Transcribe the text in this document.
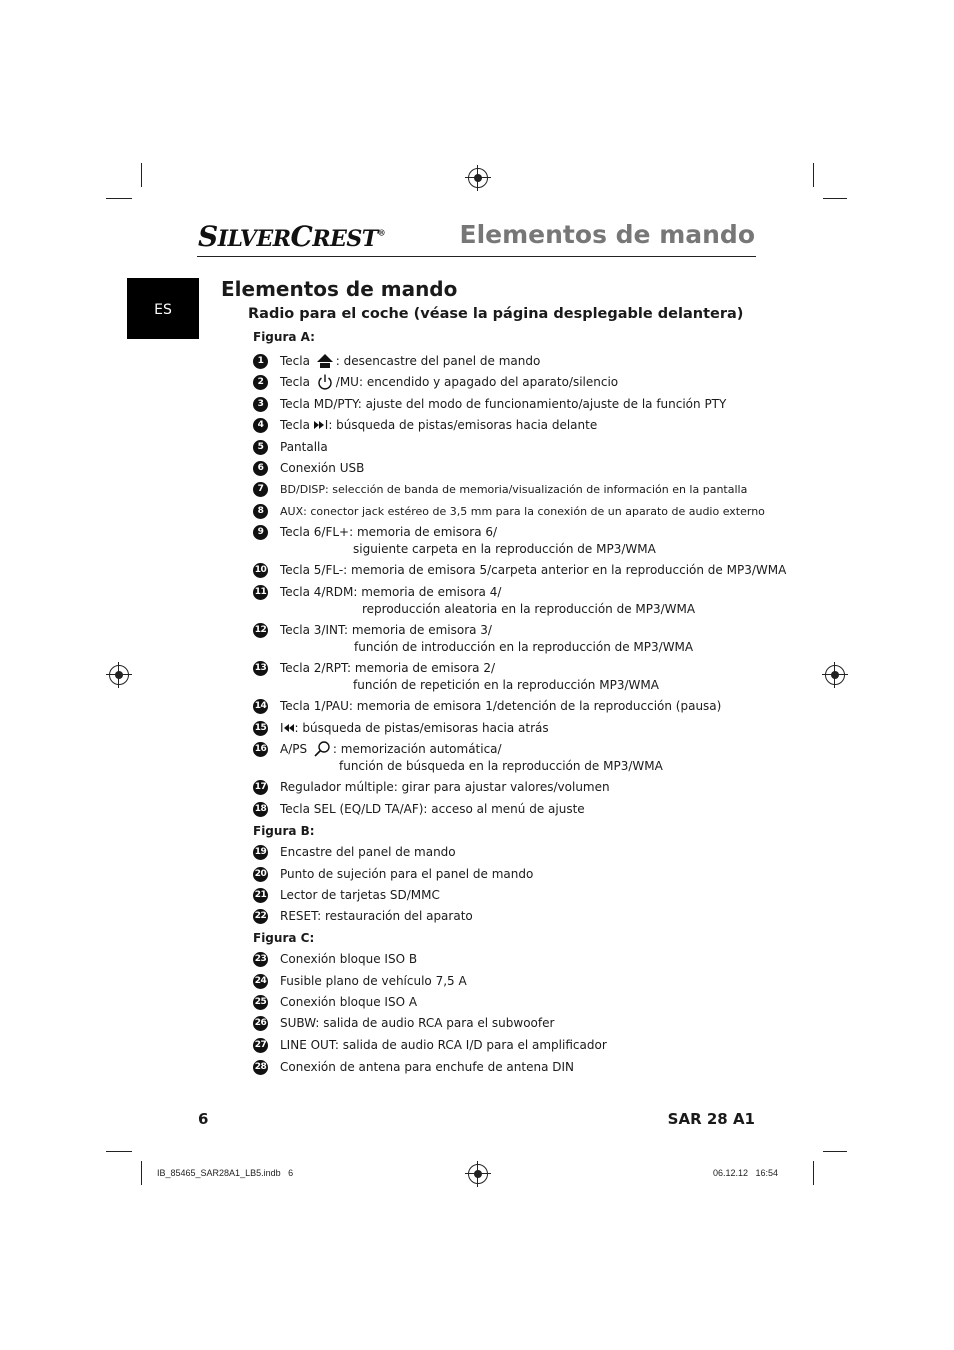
SILVERCREST®	Elementos de mando
ES
Elementos de mando
Radio para el coche (véase la página desplegable delantera)
Figura A:
1	Tecla : desencastre del panel de mando
2	Tecla /MU: encendido y apagado del aparato/silencio
3	Tecla MD/PTY: ajuste del modo de funcionamiento/ajuste de la función PTY
4	Tecla I: búsqueda de pistas/emisoras hacia delante
5	Pantalla
6	Conexión USB
7	BD/DISP: selección de banda de memoria/visualización de información en la pantalla
8	AUX: conector jack estéreo de 3,5 mm para la conexión de un aparato de audio externo
9	Tecla 6/FL+: memoria de emisora 6/
siguiente carpeta en la reproducción de MP3/WMA
10 Tecla 5/FL-: memoria de emisora 5/carpeta anterior en la reproducción de MP3/WMA
11 Tecla 4/RDM: memoria de emisora 4/
reproducción aleatoria en la reproducción de MP3/WMA
12 Tecla 3/INT: memoria de emisora 3/
función de introducción en la reproducción de MP3/WMA
13 Tecla 2/RPT: memoria de emisora 2/
función de repetición en la reproducción MP3/WMA
14 Tecla 1/PAU: memoria de emisora 1/detención de la reproducción (pausa)
15 I : búsqueda de pistas/emisoras hacia atrás
16 A/PS : memorización automática/
función de búsqueda en la reproducción de MP3/WMA
17 Regulador múltiple: girar para ajustar valores/volumen
18 Tecla SEL (EQ/LD TA/AF): acceso al menú de ajuste
Figura B:
19 Encastre del panel de mando
20 Punto de sujeción para el panel de mando
21 Lector de tarjetas SD/MMC
22 RESET: restauración del aparato
Figura C:
23 Conexión bloque ISO B
24 Fusible plano de vehículo 7,5 A
25 Conexión bloque ISO A
26 SUBW: salida de audio RCA para el subwoofer
27 LINE OUT: salida de audio RCA I/D para el amplificador
28 Conexión de antena para enchufe de antena DIN
6	SAR 28 A1
IB_85465_SAR28A1_LB5.indb   6	06.12.12   16:54
